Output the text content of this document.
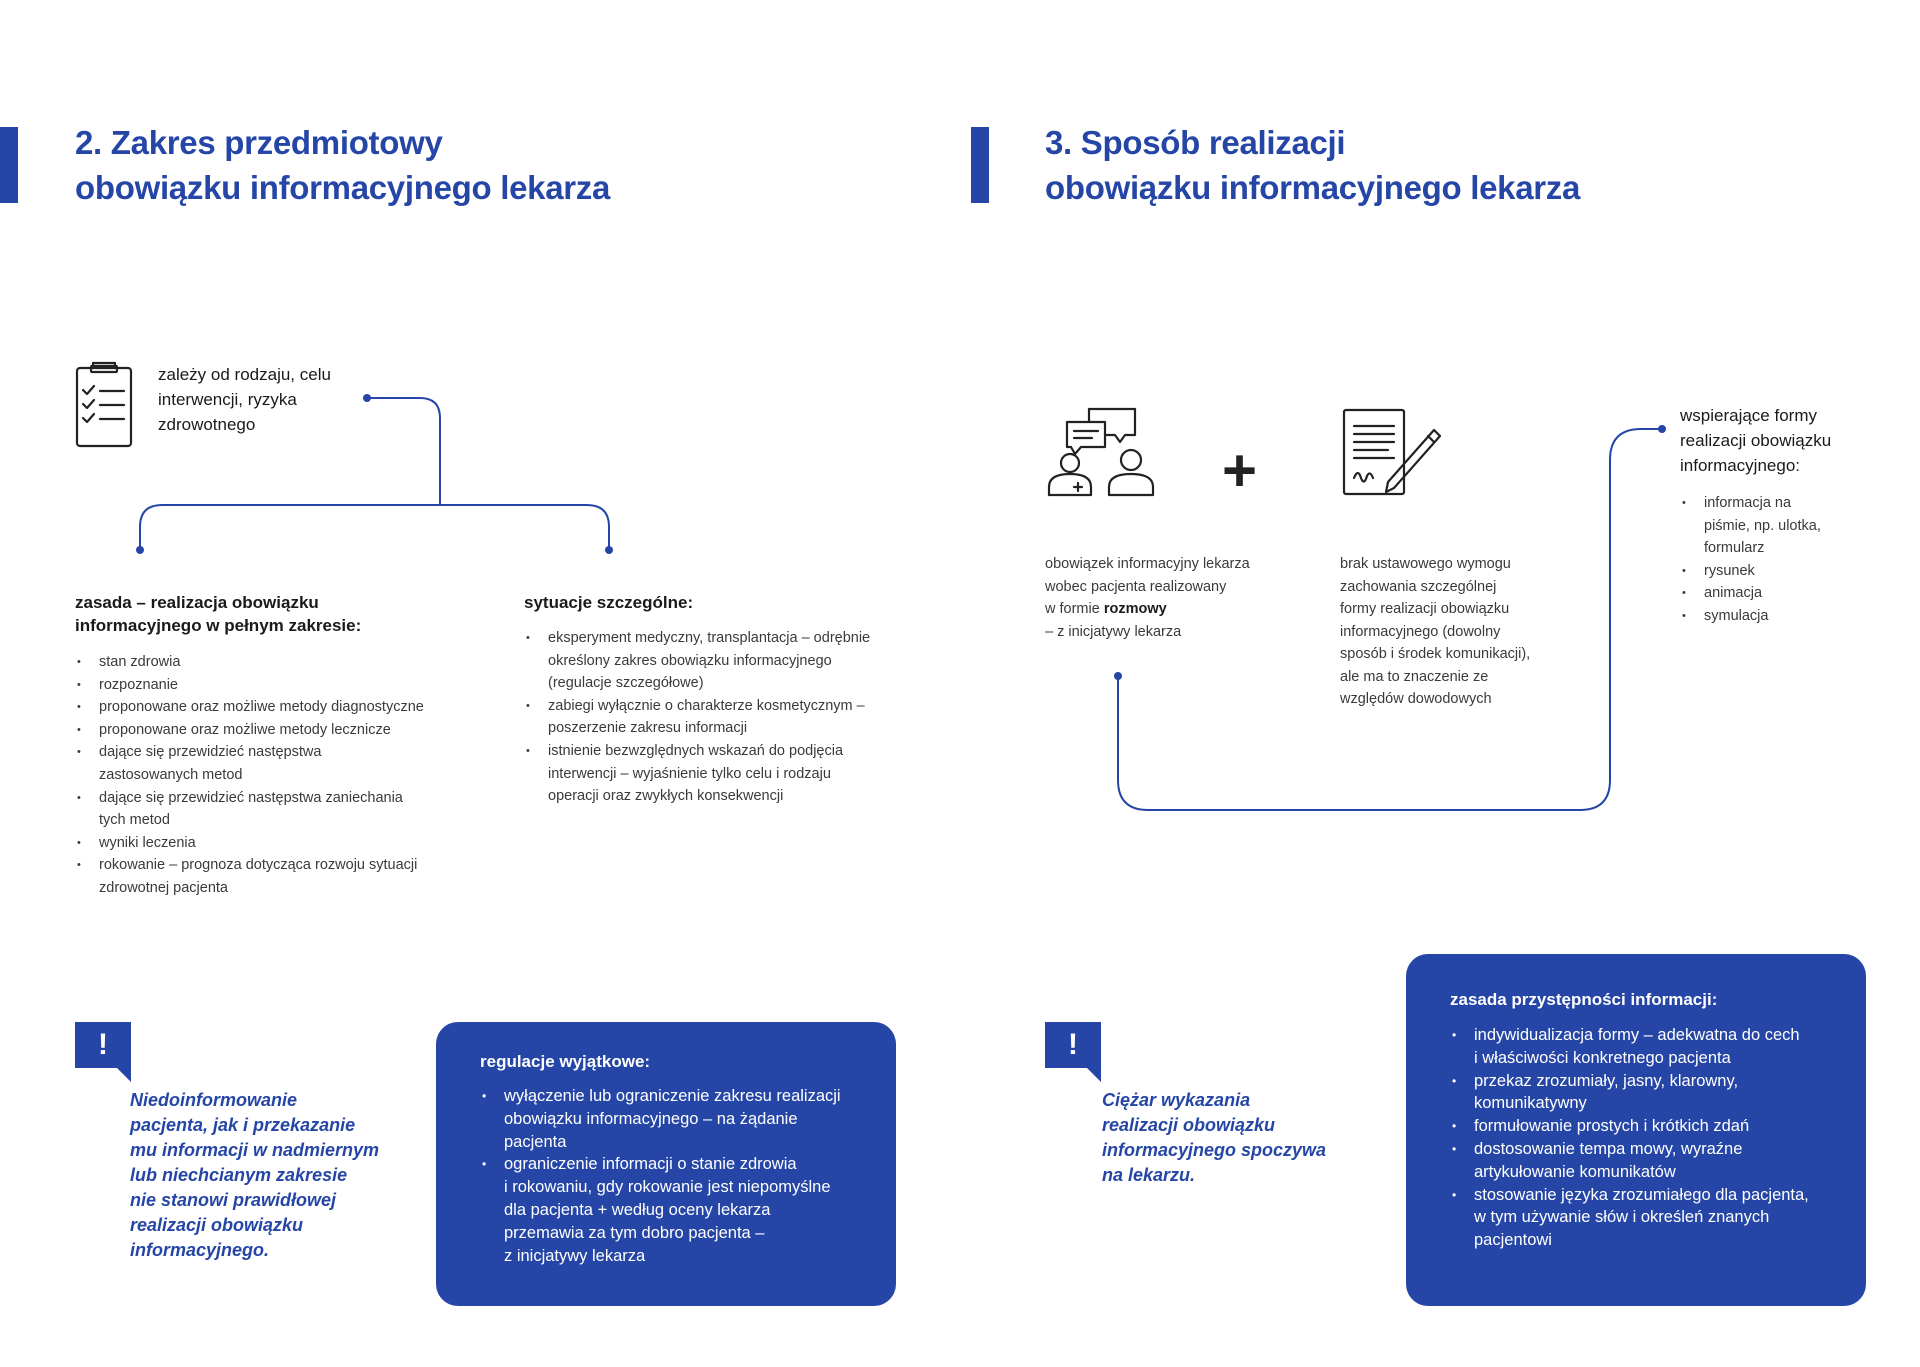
2. Zakres przedmiotowy
obowiązku informacyjnego lekarza
zależy od rodzaju, celu
interwencji, ryzyka
zdrowotnego
zasada – realizacja obowiązku
informacyjnego w pełnym zakresie:
• stan zdrowia
• rozpoznanie
• proponowane oraz możliwe metody diagnostyczne
• proponowane oraz możliwe metody lecznicze
• dające się przewidzieć następstwa
zastosowanych metod
• dające się przewidzieć następstwa zaniechania
tych metod
• wyniki leczenia
• rokowanie – prognoza dotycząca rozwoju sytuacji
zdrowotnej pacjenta
sytuacje szczególne:
• eksperyment medyczny, transplantacja – odrębnie
określony zakres obowiązku informacyjnego
(regulacje szczegółowe)
• zabiegi wyłącznie o charakterze kosmetycznym –
poszerzenie zakresu informacji
• istnienie bezwzględnych wskazań do podjęcia
interwencji – wyjaśnienie tylko celu i rodzaju
operacji oraz zwykłych konsekwencji
!
Niedoinformowanie
pacjenta, jak i przekazanie
mu informacji w nadmiernym
lub niechcianym zakresie
nie stanowi prawidłowej
realizacji obowiązku
informacyjnego.
regulacje wyjątkowe:
• wyłączenie lub ograniczenie zakresu realizacji
obowiązku informacyjnego – na żądanie
pacjenta
• ograniczenie informacji o stanie zdrowia
i rokowaniu, gdy rokowanie jest niepomyślne
dla pacjenta + według oceny lekarza
przemawia za tym dobro pacjenta –
z inicjatywy lekarza
3. Sposób realizacji
obowiązku informacyjnego lekarza
+
obowiązek informacyjny lekarza
wobec pacjenta realizowany
w formie rozmowy
– z inicjatywy lekarza
brak ustawowego wymogu
zachowania szczególnej
formy realizacji obowiązku
informacyjnego (dowolny
sposób i środek komunikacji),
ale ma to znaczenie ze
względów dowodowych
wspierające formy
realizacji obowiązku
informacyjnego:
• informacja na
piśmie, np. ulotka,
formularz
• rysunek
• animacja
• symulacja
!
Ciężar wykazania
realizacji obowiązku
informacyjnego spoczywa
na lekarzu.
zasada przystępności informacji:
• indywidualizacja formy – adekwatna do cech
i właściwości konkretnego pacjenta
• przekaz zrozumiały, jasny, klarowny,
komunikatywny
• formułowanie prostych i krótkich zdań
• dostosowanie tempa mowy, wyraźne
artykułowanie komunikatów
• stosowanie języka zrozumiałego dla pacjenta,
w tym używanie słów i określeń znanych
pacjentowi
